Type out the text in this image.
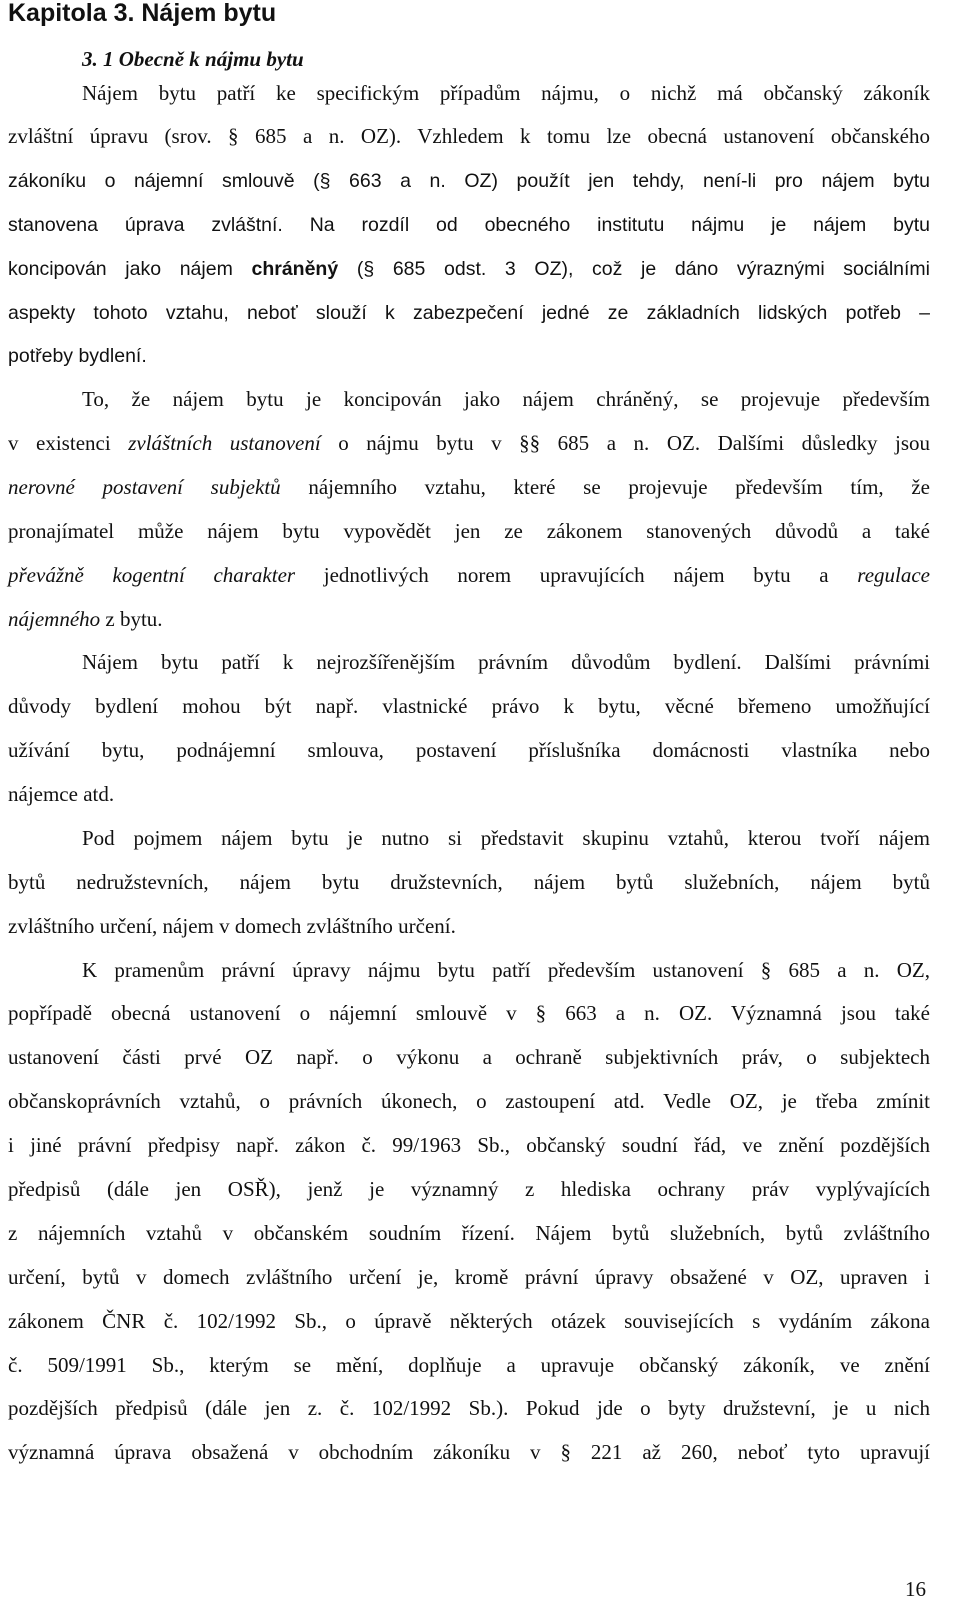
Kapitola 3. Nájem bytu
3. 1 Obecně k nájmu bytu
Nájem bytu patří ke specifickým případům nájmu, o nichž má občanský zákoník
zvláštní úpravu (srov. § 685 a n. OZ). Vzhledem k tomu lze obecná ustanovení občanského
zákoníku o nájemní smlouvě (§ 663 a n. OZ) použít jen tehdy, není-li pro nájem bytu
stanovena úprava zvláštní. Na rozdíl od obecného institutu nájmu je nájem bytu
koncipován jako nájem chráněný (§ 685 odst. 3 OZ), což je dáno výraznými sociálními
aspekty tohoto vztahu, neboť slouží k zabezpečení jedné ze základních lidských potřeb –
potřeby bydlení.
To, že nájem bytu je koncipován jako nájem chráněný, se projevuje především
v existenci zvláštních ustanovení o nájmu bytu v §§ 685 a n. OZ. Dalšími důsledky jsou
nerovné postavení subjektů nájemního vztahu, které se projevuje především tím, že
pronajímatel může nájem bytu vypovědět jen ze zákonem stanovených důvodů a také
převážně kogentní charakter jednotlivých norem upravujících nájem bytu a regulace
nájemného z bytu.
Nájem bytu patří k nejrozšířenějším právním důvodům bydlení. Dalšími právními
důvody bydlení mohou být např. vlastnické právo k bytu, věcné břemeno umožňující
užívání bytu, podnájemní smlouva, postavení příslušníka domácnosti vlastníka nebo
nájemce atd.
Pod pojmem nájem bytu je nutno si představit skupinu vztahů, kterou tvoří nájem
bytů nedružstevních, nájem bytu družstevních, nájem bytů služebních, nájem bytů
zvláštního určení, nájem v domech zvláštního určení.
K pramenům právní úpravy nájmu bytu patří především ustanovení § 685 a n. OZ,
popřípadě obecná ustanovení o nájemní smlouvě v § 663 a n. OZ. Významná jsou také
ustanovení části prvé OZ např. o výkonu a ochraně subjektivních práv, o subjektech
občanskoprávních vztahů, o právních úkonech, o zastoupení atd. Vedle OZ, je třeba zmínit
i jiné právní předpisy např. zákon č. 99/1963 Sb., občanský soudní řád, ve znění pozdějších
předpisů (dále jen OSŘ), jenž je významný z hlediska ochrany práv vyplývajících
z nájemních vztahů v občanském soudním řízení. Nájem bytů služebních, bytů zvláštního
určení, bytů v domech zvláštního určení je, kromě právní úpravy obsažené v OZ, upraven i
zákonem ČNR č. 102/1992 Sb., o úpravě některých otázek souvisejících s vydáním zákona
č. 509/1991 Sb., kterým se mění, doplňuje a upravuje občanský zákoník, ve znění
pozdějších předpisů (dále jen z. č. 102/1992 Sb.). Pokud jde o byty družstevní, je u nich
významná úprava obsažená v obchodním zákoníku v § 221 až 260, neboť tyto upravují
16
